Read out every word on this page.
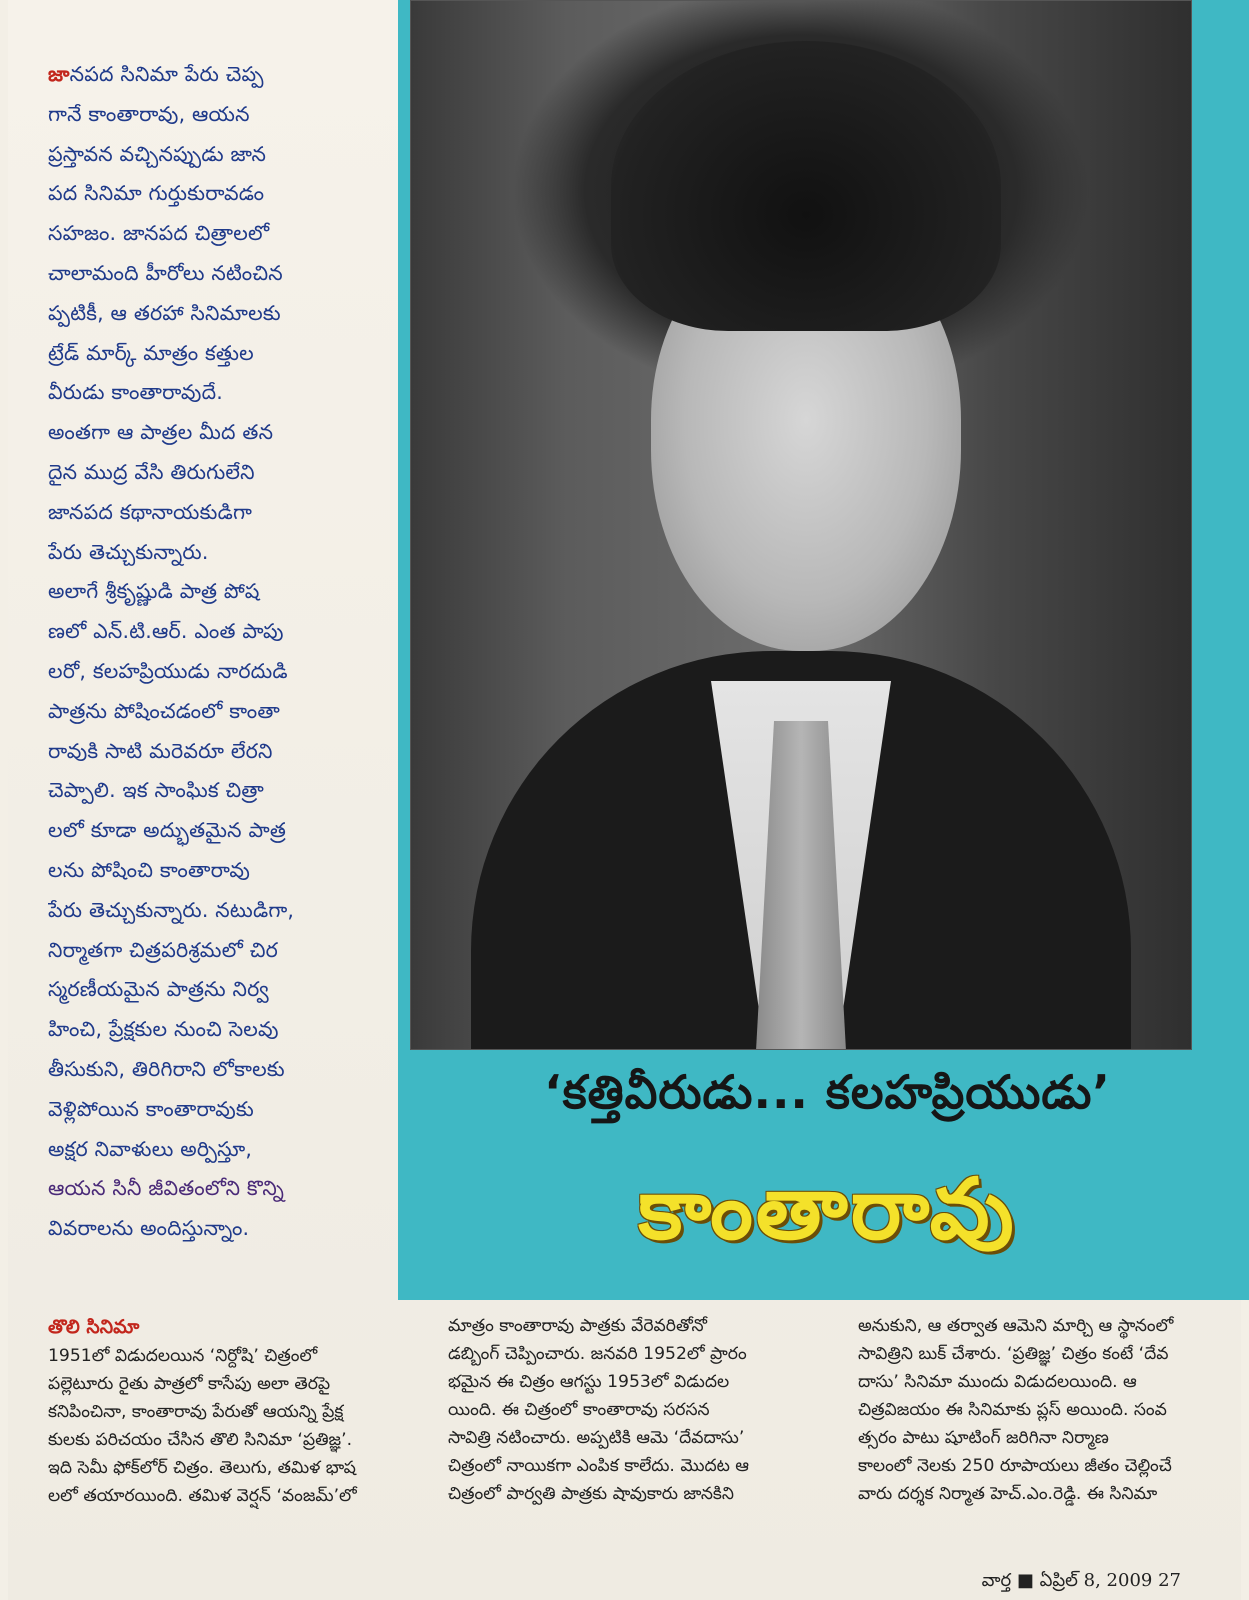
జానపద సినిమా పేరు చెప్ప
గానే కాంతారావు, ఆయన
ప్రస్తావన వచ్చినప్పుడు జాన
పద సినిమా గుర్తుకురావడం
సహజం. జానపద చిత్రాలలో
చాలామంది హీరోలు నటించిన
ప్పటికీ, ఆ తరహా సినిమాలకు
ట్రేడ్ మార్క్ మాత్రం కత్తుల
వీరుడు కాంతారావుదే.
అంతగా ఆ పాత్రల మీద తన
దైన ముద్ర వేసి తిరుగులేని
జానపద కథానాయకుడిగా
పేరు తెచ్చుకున్నారు.
అలాగే శ్రీకృష్ణుడి పాత్ర పోష
ణలో ఎన్.టి.ఆర్. ఎంత పాపు
లరో, కలహప్రియుడు నారదుడి
పాత్రను పోషించడంలో కాంతా
రావుకి సాటి మరెవరూ లేరని
చెప్పాలి. ఇక సాంఘిక చిత్రా
లలో కూడా అద్భుతమైన పాత్ర
లను పోషించి కాంతారావు
పేరు తెచ్చుకున్నారు. నటుడిగా,
నిర్మాతగా చిత్రపరిశ్రమలో చిర
స్మరణీయమైన పాత్రను నిర్వ
హించి, ప్రేక్షకుల నుంచి సెలవు
తీసుకుని, తిరిగిరాని లోకాలకు
వెళ్లిపోయిన కాంతారావుకు
అక్షర నివాళులు అర్పిస్తూ,
ఆయన సినీ జీవితంలోని కొన్ని
వివరాలను అందిస్తున్నాం.
‘కత్తివీరుడు... కలహప్రియుడు’
కాంతారావు
తొలి సినిమా
1951లో విడుదలయిన ‘నిర్దోషి’ చిత్రంలో
పల్లెటూరు రైతు పాత్రలో కాసేపు అలా తెరపై
కనిపించినా, కాంతారావు పేరుతో ఆయన్ని ప్రేక్ష
కులకు పరిచయం చేసిన తొలి సినిమా ‘ప్రతిజ్ఞ’.
ఇది సెమీ ఫోక్‌లోర్ చిత్రం. తెలుగు, తమిళ భాష
లలో తయారయింది. తమిళ వెర్షన్ ‘వంజమ్’లో
మాత్రం కాంతారావు పాత్రకు వేరెవరితోనో
డబ్బింగ్ చెప్పించారు. జనవరి 1952లో ప్రారం
భమైన ఈ చిత్రం ఆగస్టు 1953లో విడుదల
యింది. ఈ చిత్రంలో కాంతారావు సరసన
సావిత్రి నటించారు. అప్పటికి ఆమె ‘దేవదాసు’
చిత్రంలో నాయికగా ఎంపిక కాలేదు. మొదట ఆ
చిత్రంలో పార్వతి పాత్రకు షావుకారు జానకిని
అనుకుని, ఆ తర్వాత ఆమెని మార్చి ఆ స్థానంలో
సావిత్రిని బుక్ చేశారు. ‘ప్రతిజ్ఞ’ చిత్రం కంటే ‘దేవ
దాసు’ సినిమా ముందు విడుదలయింది. ఆ
చిత్రవిజయం ఈ సినిమాకు ప్లస్ అయింది. సంవ
త్సరం పాటు షూటింగ్ జరిగినా నిర్మాణ
కాలంలో నెలకు 250 రూపాయలు జీతం చెల్లించే
వారు దర్శక నిర్మాత హెచ్.ఎం.రెడ్డి. ఈ సినిమా
వార్త ■ ఏప్రిల్ 8, 2009 27
